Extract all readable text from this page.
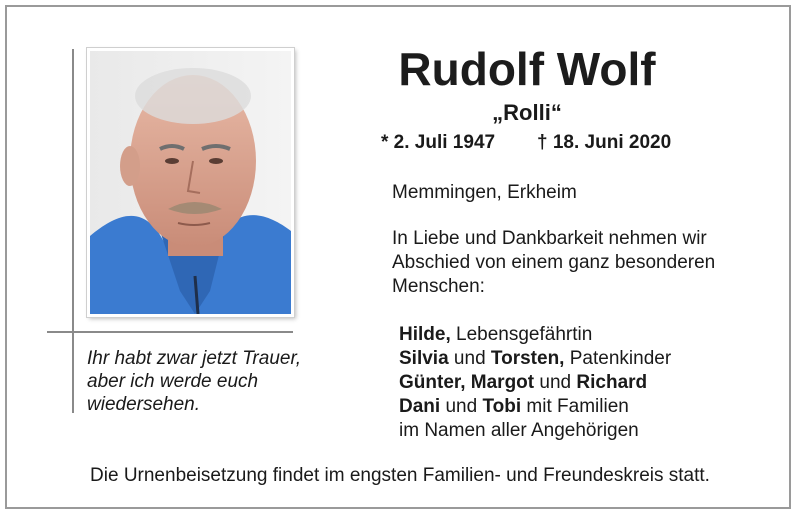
Rudolf Wolf
„Rolli“
* 2. Juli 1947 † 18. Juni 2020
Memmingen, Erkheim
In Liebe und Dankbarkeit nehmen wir
Abschied von einem ganz besonderen
Menschen:
Ihr habt zwar jetzt Trauer,
aber ich werde euch
wiedersehen.
Hilde, Lebensgefährtin
Silvia und Torsten, Patenkinder
Günter, Margot und Richard
Dani und Tobi mit Familien
im Namen aller Angehörigen
Die Urnenbeisetzung findet im engsten Familien- und Freundeskreis statt.
